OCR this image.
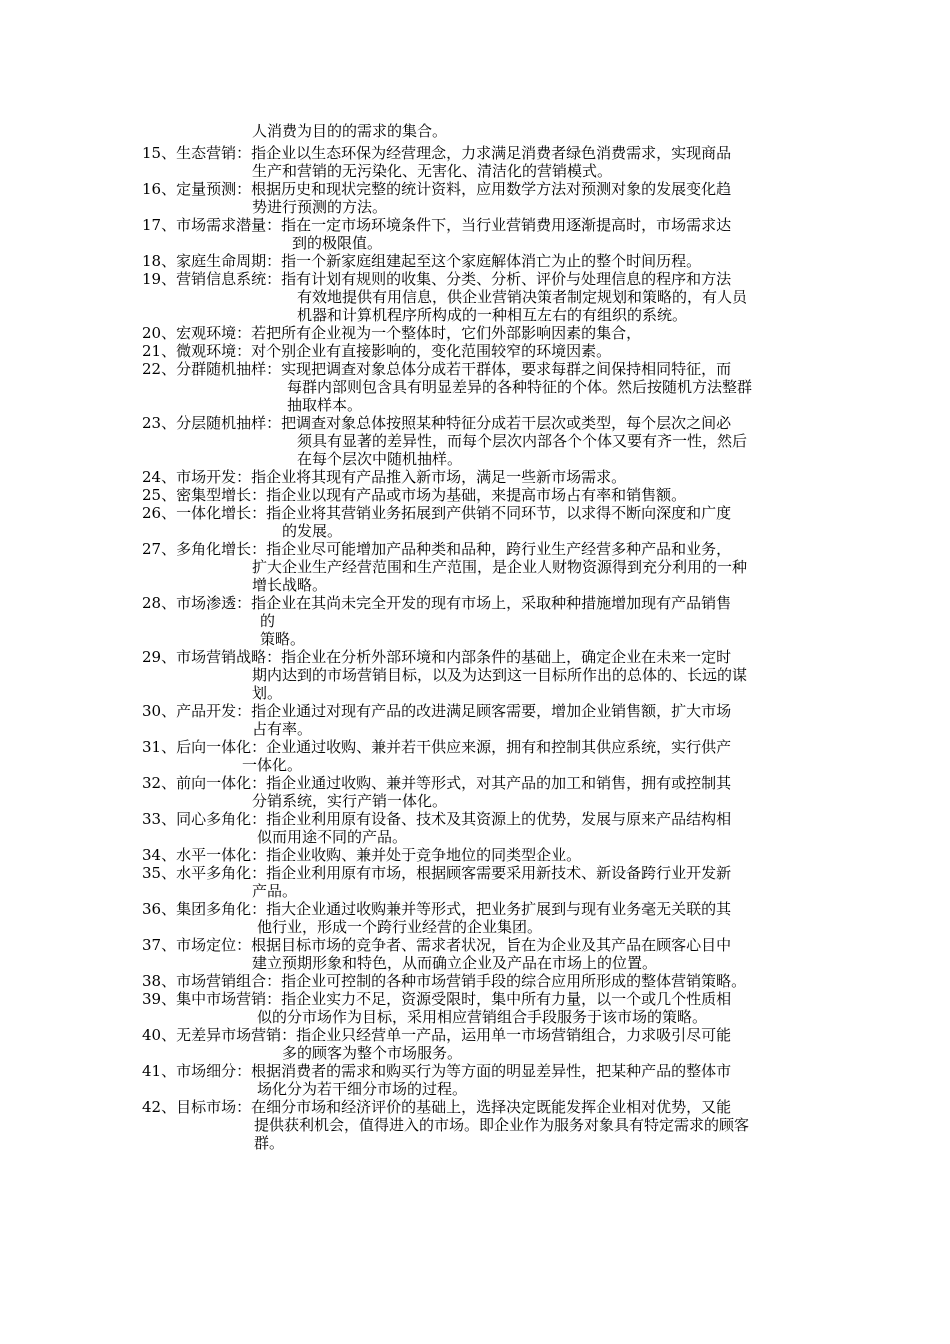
人消费为目的的需求的集合。
15、生态营销：指企业以生态环保为经营理念，力求满足消费者绿色消费需求，实现商品
生产和营销的无污染化、无害化、清洁化的营销模式。
16、定量预测：根据历史和现状完整的统计资料，应用数学方法对预测对象的发展变化趋
势进行预测的方法。
17、市场需求潜量：指在一定市场环境条件下，当行业营销费用逐渐提高时，市场需求达
到的极限值。
18、家庭生命周期：指一个新家庭组建起至这个家庭解体消亡为止的整个时间历程。
19、营销信息系统：指有计划有规则的收集、分类、分析、评价与处理信息的程序和方法
有效地提供有用信息，供企业营销决策者制定规划和策略的，有人员
机器和计算机程序所构成的一种相互左右的有组织的系统。
20、宏观环境：若把所有企业视为一个整体时，它们外部影响因素的集合，
21、微观环境：对个别企业有直接影响的，变化范围较窄的环境因素。
22、分群随机抽样：实现把调查对象总体分成若干群体，要求每群之间保持相同特征，而
每群内部则包含具有明显差异的各种特征的个体。然后按随机方法整群
抽取样本。
23、分层随机抽样：把调查对象总体按照某种特征分成若干层次或类型，每个层次之间必
须具有显著的差异性，而每个层次内部各个个体又要有齐一性，然后
在每个层次中随机抽样。
24、市场开发：指企业将其现有产品推入新市场，满足一些新市场需求。
25、密集型增长：指企业以现有产品或市场为基础，来提高市场占有率和销售额。
26、一体化增长：指企业将其营销业务拓展到产供销不同环节，以求得不断向深度和广度
的发展。
27、多角化增长：指企业尽可能增加产品种类和品种，跨行业生产经营多种产品和业务，
扩大企业生产经营范围和生产范围，是企业人财物资源得到充分利用的一种
增长战略。
28、市场渗透：指企业在其尚未完全开发的现有市场上，采取种种措施增加现有产品销售
的
策略。
29、市场营销战略：指企业在分析外部环境和内部条件的基础上，确定企业在未来一定时
期内达到的市场营销目标，以及为达到这一目标所作出的总体的、长远的谋
划。
30、产品开发：指企业通过对现有产品的改进满足顾客需要，增加企业销售额，扩大市场
占有率。
31、后向一体化：企业通过收购、兼并若干供应来源，拥有和控制其供应系统，实行供产
一体化。
32、前向一体化：指企业通过收购、兼并等形式，对其产品的加工和销售，拥有或控制其
分销系统，实行产销一体化。
33、同心多角化：指企业利用原有设备、技术及其资源上的优势，发展与原来产品结构相
似而用途不同的产品。
34、水平一体化：指企业收购、兼并处于竞争地位的同类型企业。
35、水平多角化：指企业利用原有市场，根据顾客需要采用新技术、新设备跨行业开发新
产品。
36、集团多角化：指大企业通过收购兼并等形式，把业务扩展到与现有业务毫无关联的其
他行业，形成一个跨行业经营的企业集团。
37、市场定位：根据目标市场的竞争者、需求者状况，旨在为企业及其产品在顾客心目中
建立预期形象和特色，从而确立企业及产品在市场上的位置。
38、市场营销组合：指企业可控制的各种市场营销手段的综合应用所形成的整体营销策略。
39、集中市场营销：指企业实力不足，资源受限时，集中所有力量，以一个或几个性质相
似的分市场作为目标，采用相应营销组合手段服务于该市场的策略。
40、无差异市场营销：指企业只经营单一产品，运用单一市场营销组合，力求吸引尽可能
多的顾客为整个市场服务。
41、市场细分：根据消费者的需求和购买行为等方面的明显差异性，把某种产品的整体市
场化分为若干细分市场的过程。
42、目标市场：在细分市场和经济评价的基础上，选择决定既能发挥企业相对优势，又能
提供获利机会，值得进入的市场。即企业作为服务对象具有特定需求的顾客
群。
